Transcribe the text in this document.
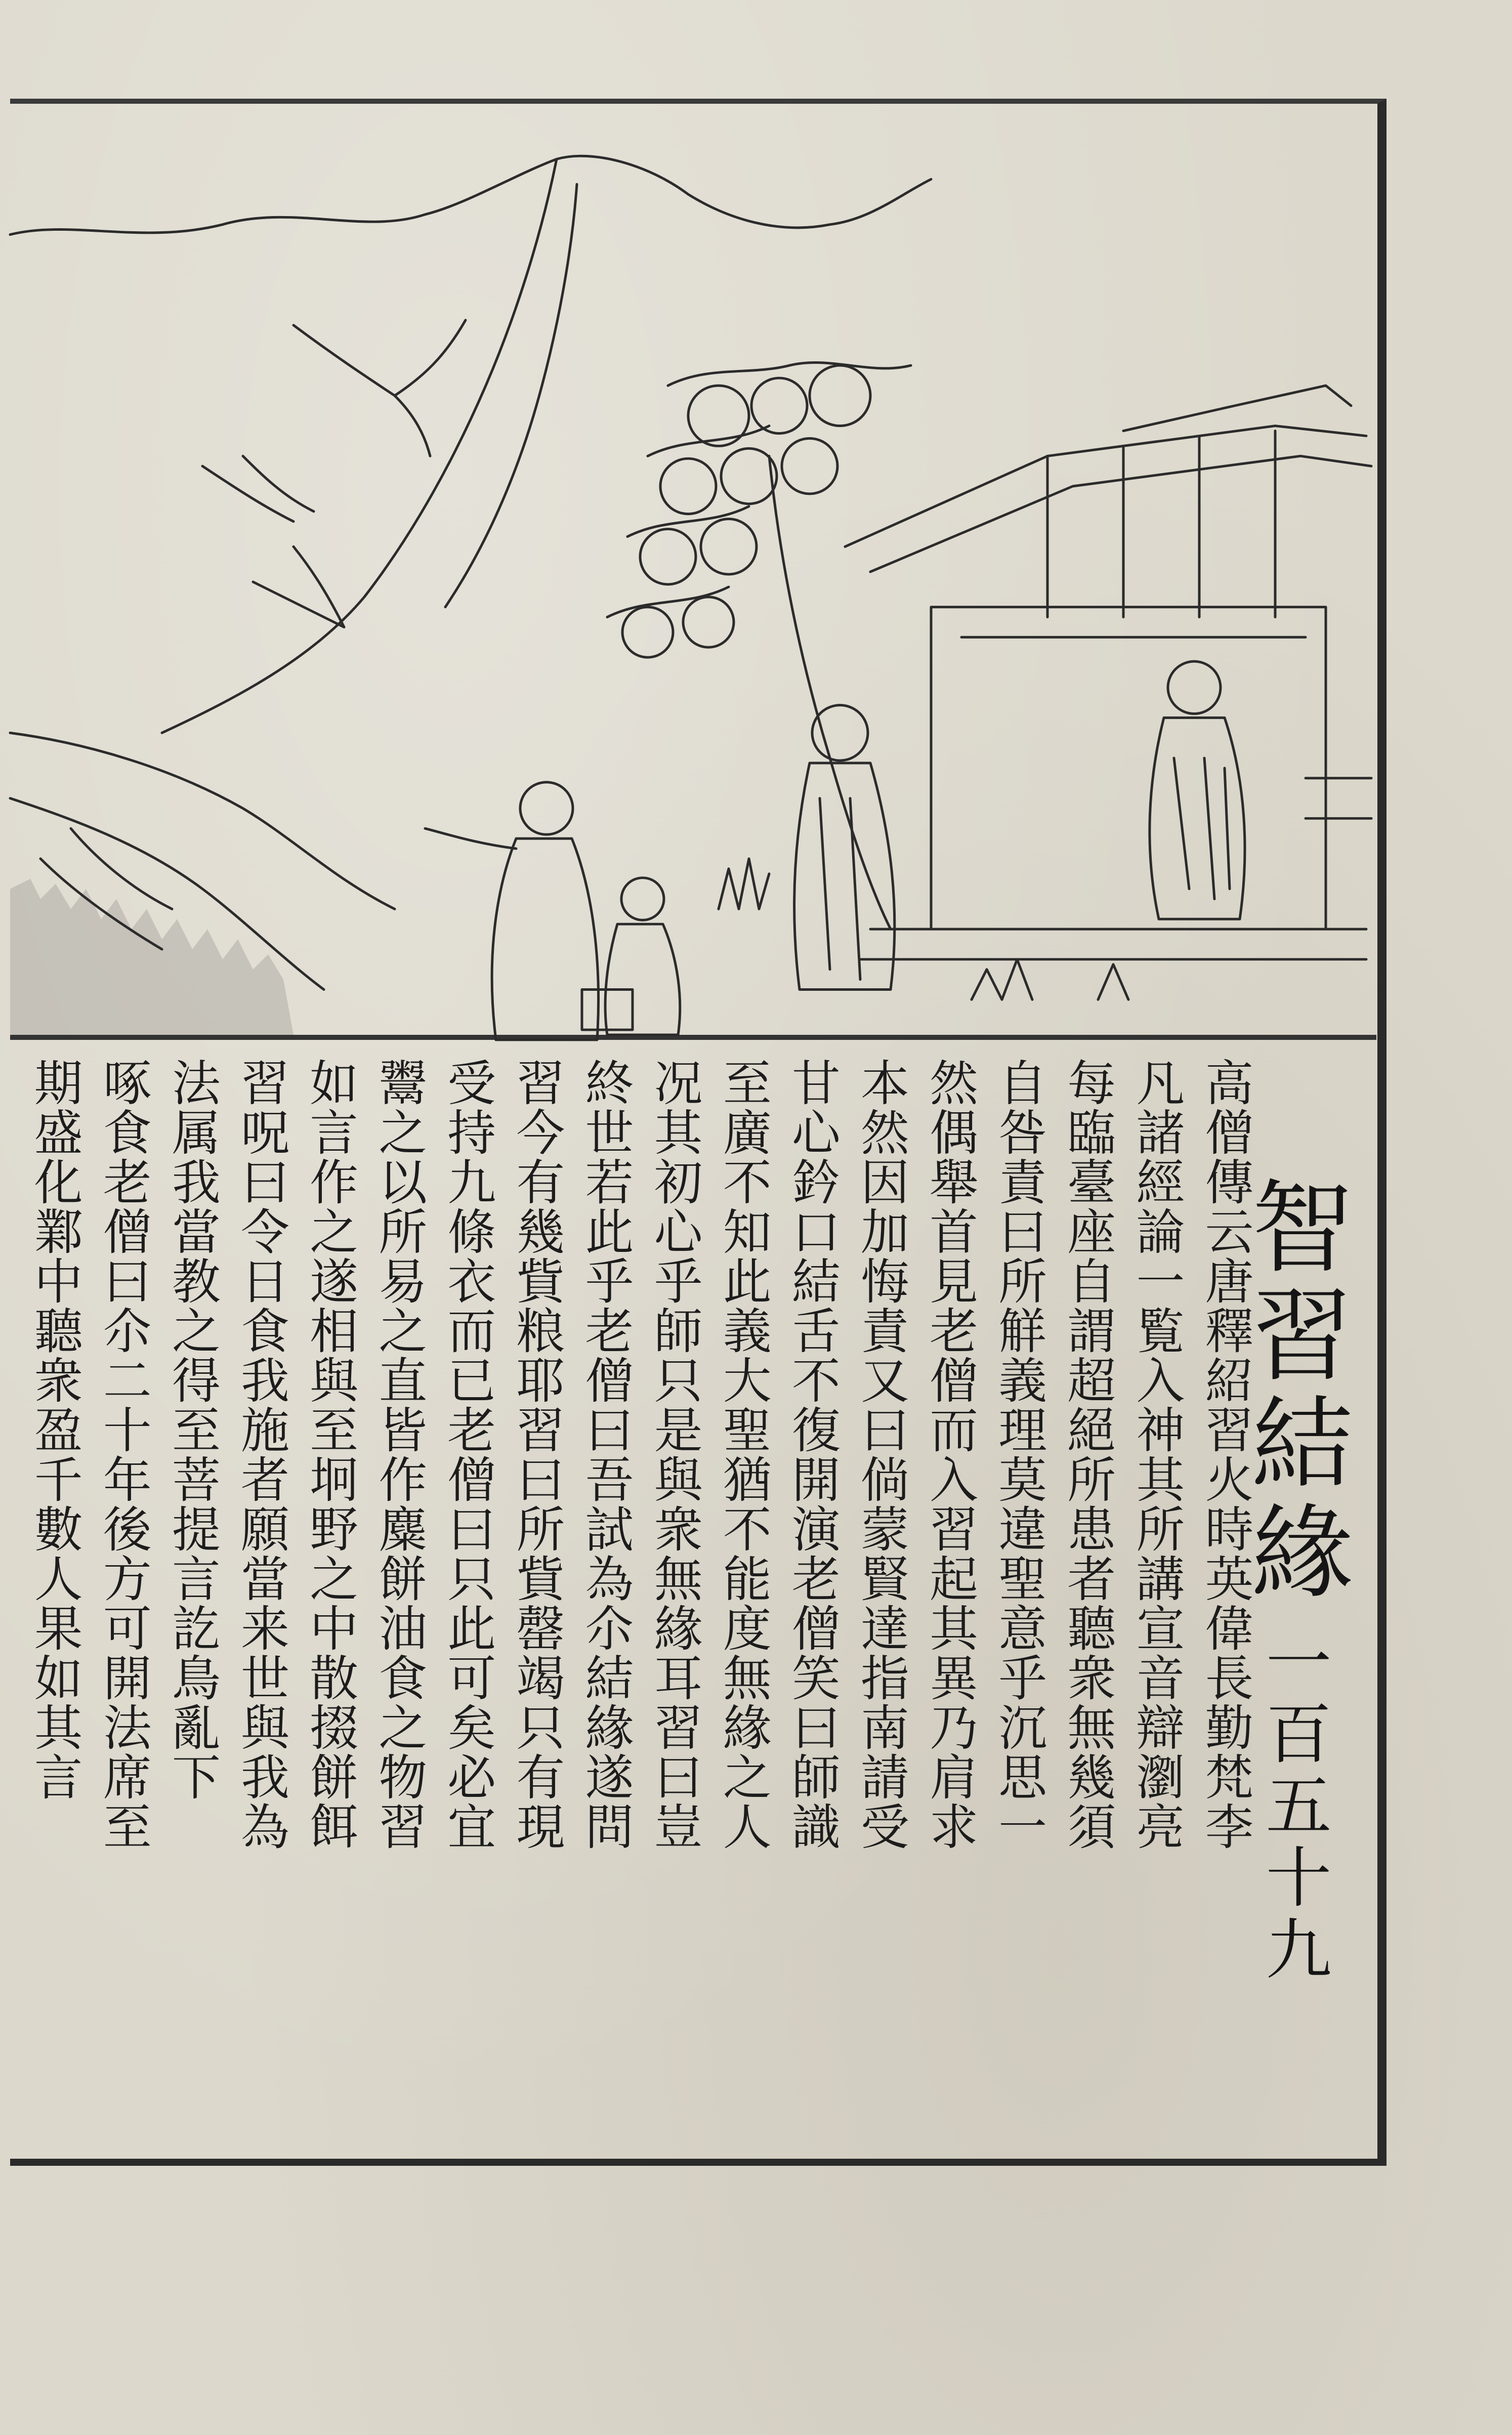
智習結緣一百五十九
高僧傳云唐釋紹習火時英偉長勤梵李
凡諸經論一覧入神其所講宣音辯瀏亮
每臨臺座自謂超絕所患者聽衆無幾須
自咎責曰所觧義理莫違聖意乎沉思一
然偶舉首見老僧而入習起其異乃肩求
本然因加悔責又曰倘蒙賢達指南請受
甘心鈐口結舌不復開演老僧笑曰師識
至廣不知此義大聖猶不能度無緣之人
况其初心乎師只是與衆無緣耳習曰豈
終世若此乎老僧曰吾試為尒結緣遂問
習今有幾貲粮耶習曰所貲罄竭只有現
受持九條衣而已老僧曰只此可矣必宜
鬻之以所易之直皆作麋餅油食之物習
如言作之遂相與至坰野之中散掇餅餌
習呪曰令日食我施者願當来世與我為
法属我當教之得至菩提言訖鳥亂下
啄食老僧曰尒二十年後方可開法席至
期盛化鄴中聽衆盈千數人果如其言
